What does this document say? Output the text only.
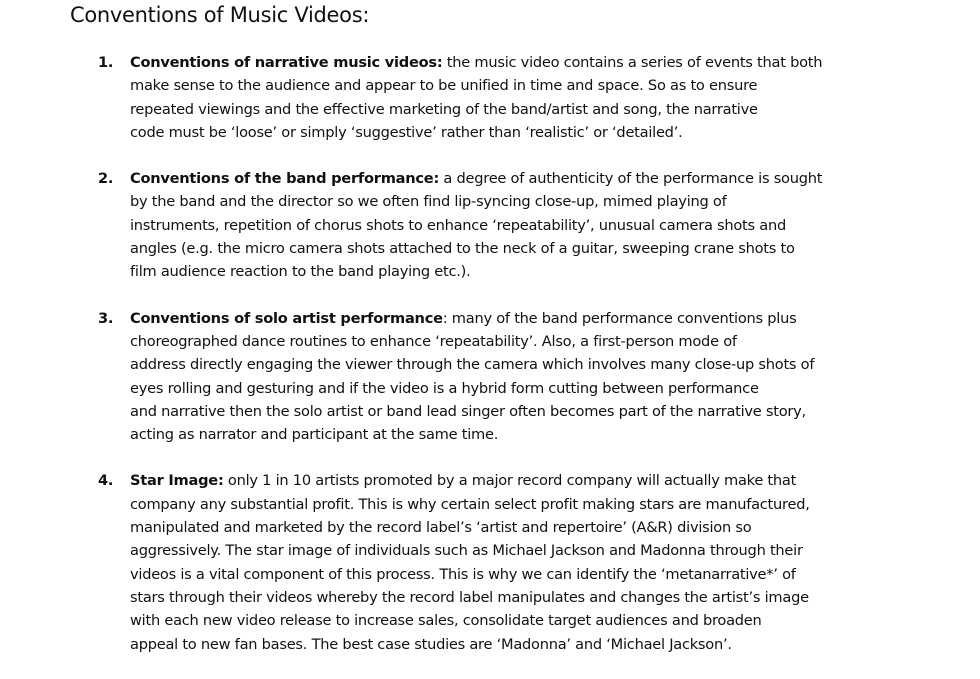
Conventions of Music Videos:
1. Conventions of narrative music videos: the music video contains a series of events that both
make sense to the audience and appear to be unified in time and space. So as to ensure
repeated viewings and the effective marketing of the band/artist and song, the narrative
code must be ‘loose’ or simply ‘suggestive’ rather than ‘realistic’ or ‘detailed’.
2. Conventions of the band performance: a degree of authenticity of the performance is sought
by the band and the director so we often find lip-syncing close-up, mimed playing of
instruments, repetition of chorus shots to enhance ‘repeatability’, unusual camera shots and
angles (e.g. the micro camera shots attached to the neck of a guitar, sweeping crane shots to
film audience reaction to the band playing etc.).
3. Conventions of solo artist performance: many of the band performance conventions plus
choreographed dance routines to enhance ‘repeatability’. Also, a first-person mode of
address directly engaging the viewer through the camera which involves many close-up shots of
eyes rolling and gesturing and if the video is a hybrid form cutting between performance
and narrative then the solo artist or band lead singer often becomes part of the narrative story,
acting as narrator and participant at the same time.
4. Star Image: only 1 in 10 artists promoted by a major record company will actually make that
company any substantial profit. This is why certain select profit making stars are manufactured,
manipulated and marketed by the record label’s ‘artist and repertoire’ (A&R) division so
aggressively. The star image of individuals such as Michael Jackson and Madonna through their
videos is a vital component of this process. This is why we can identify the ‘metanarrative*’ of
stars through their videos whereby the record label manipulates and changes the artist’s image
with each new video release to increase sales, consolidate target audiences and broaden
appeal to new fan bases. The best case studies are ‘Madonna’ and ‘Michael Jackson’.
